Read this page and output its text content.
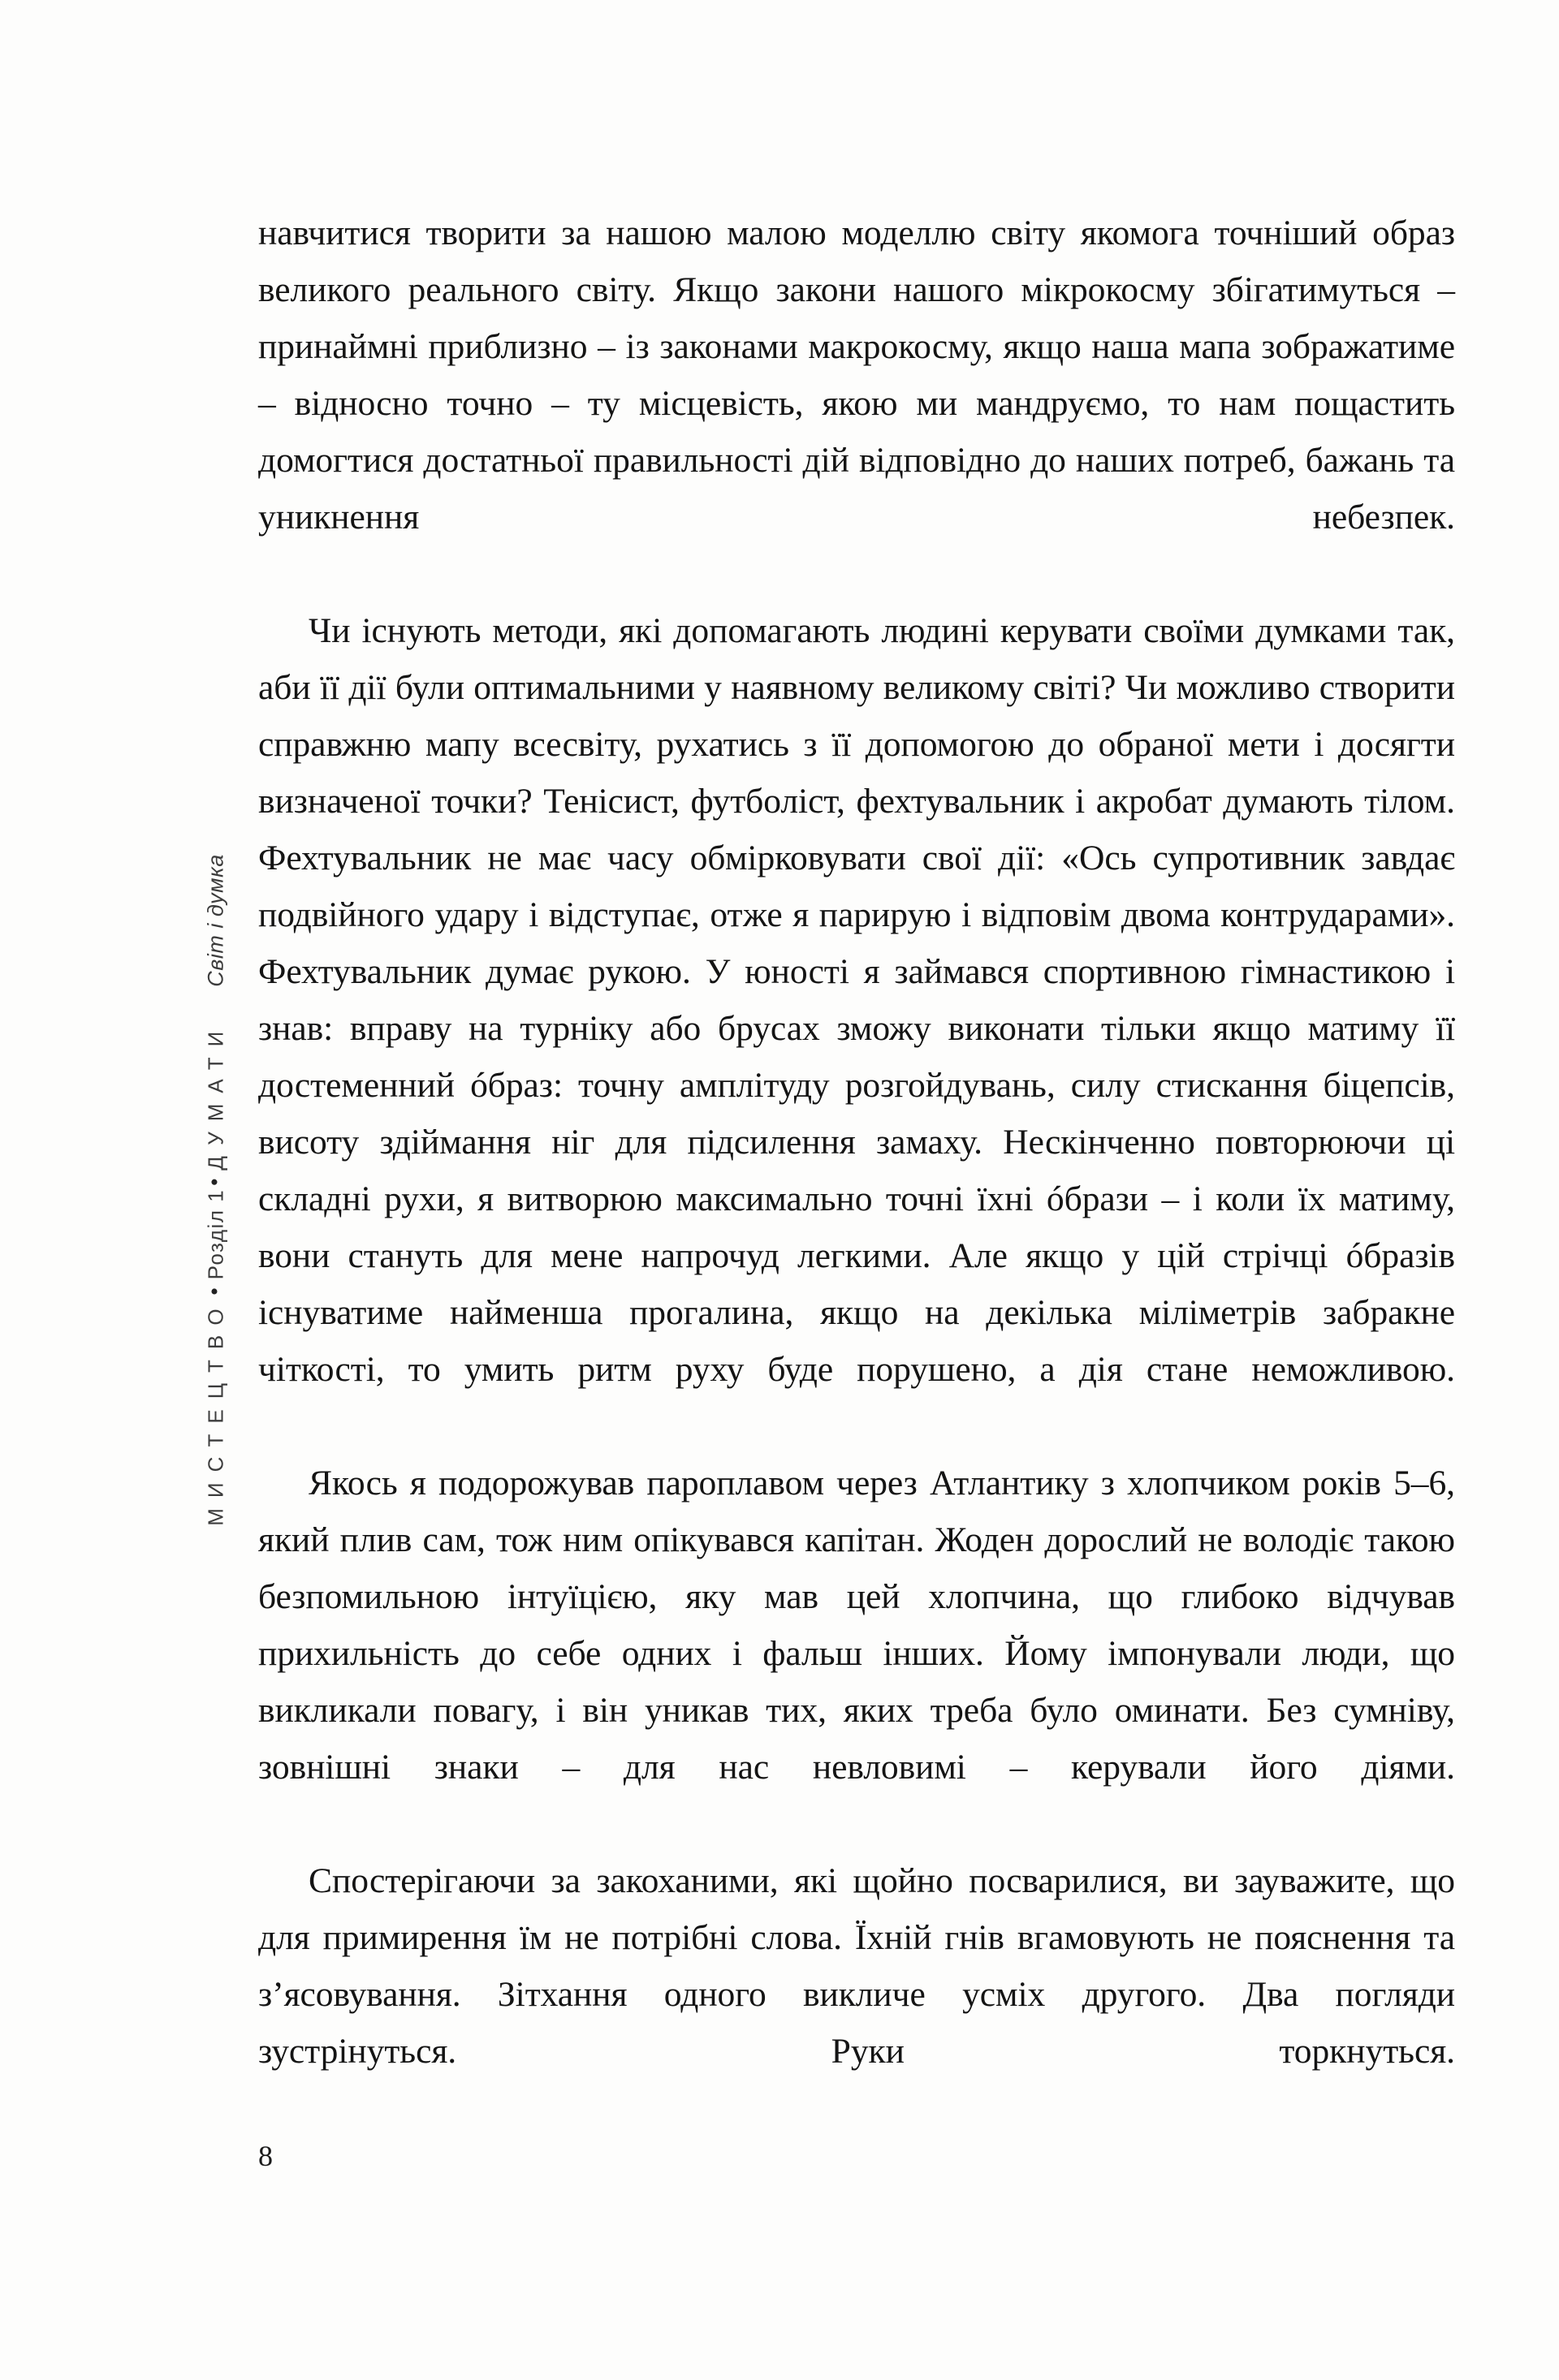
МИСТЕЦТВО
•
Розділ 1
•
ДУМАТИ
Світ і думка

навчитися творити за нашою малою моделлю світу якомога точніший образ великого реального світу. Якщо закони нашого мікрокосму збігатимуться – принаймні приблизно – із законами макрокосму, якщо наша мапа зображатиме – відносно точно – ту місцевість, якою ми мандруємо, то нам пощастить домогтися достатньої правильності дій відповідно до наших потреб, бажань та уникнення небезпек.

Чи існують методи, які допомагають людині керувати своїми думками так, аби її дії були оптимальними у наявному великому світі? Чи можливо створити справжню мапу всесвіту, рухатись з її допомогою до обраної мети і досягти визначеної точки? Тенісист, футболіст, фехтувальник і акробат думають тілом. Фехтувальник не має часу обмірковувати свої дії: «Ось супротивник завдає подвійного удару і відступає, отже я парирую і відповім двома контрударами». Фехтувальник думає рукою. У юності я займався спортивною гімнастикою і знав: вправу на турніку або брусах зможу виконати тільки якщо матиму її достеменний óбраз: точну амплітуду розгойдувань, силу стискання біцепсів, висоту здіймання ніг для підсилення замаху. Нескінченно повторюючи ці складні рухи, я витворюю максимально точні їхні óбрази – і коли їх матиму, вони стануть для мене напрочуд легкими. Але якщо у цій стрічці óбразів існуватиме найменша прогалина, якщо на декілька міліметрів забракне чіткості, то умить ритм руху буде порушено, а дія стане неможливою.

Якось я подорожував пароплавом через Атлантику з хлопчиком років 5–6, який плив сам, тож ним опікувався капітан. Жоден дорослий не володіє такою безпомильною інтуїцією, яку мав цей хлопчина, що глибоко відчував прихильність до себе одних і фальш інших. Йому імпонували люди, що викликали повагу, і він уникав тих, яких треба було оминати. Без сумніву, зовнішні знаки – для нас невловимі – керували його діями.

Спостерігаючи за закоханими, які щойно посварилися, ви зауважите, що для примирення їм не потрібні слова. Їхній гнів вгамовують не пояснення та з’ясовування. Зітхання одного викличе усміх другого. Два погляди зустрінуться. Руки торкнуться.

8
